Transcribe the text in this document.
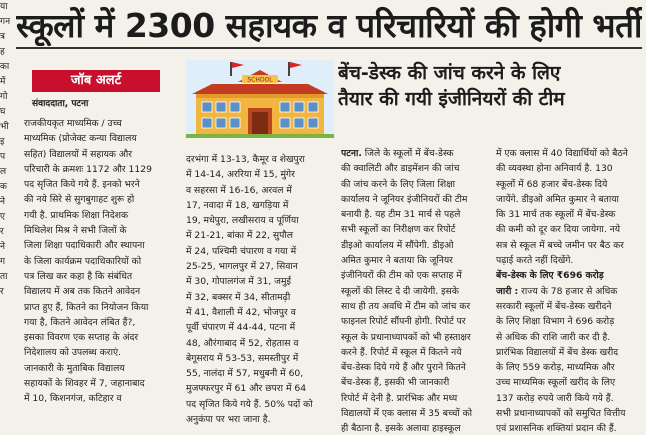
या
गन
त्र
ह
का
में
गो
घ
भी
इ
प
ल
क
ने
ए
र
ने
ग
ता
र
स्कूलों में 2300 सहायक व परिचारियों की होगी भर्ती
जॉब अलर्ट
संवाददाता, पटना
SCHOOL	बेंच-डेस्क की जांच करने के लिए
तैयार की गयी इंजीनियरों की टीम

राजकीयकृत माध्यमिक / उच्च

माध्यमिक (प्रोजेक्ट कन्या विद्यालय

सहित) विद्यालयों में सहायक और

परिचारी के क्रमशः 1172 और 1129

पद सृजित किये गये हैं. इनको भरने

की नये सिरे से सुगबुगाहट शुरू हो

गयी है. प्राथमिक शिक्षा निदेशक

मिथिलेश मिश्र ने सभी जिलों के

जिला शिक्षा पदाधिकारी और स्थापना

के जिला कार्यक्रम पदाधिकारियों को

पत्र लिख कर कहा है कि संबंधित

विद्यालय में अब तक कितने आवेदन

प्राप्त हुए हैं, कितने का नियोजन किया

गया है, कितने आवेदन लंबित हैं?,

इसका विवरण एक सप्ताह के अंदर

निदेशालय को उपलब्ध कराएं.

जानकारी के मुताबिक विद्यालय

सहायकों के शिवहर में 7, जहानाबाद

में 10, किशनगंज, कटिहार व

दरभंगा में 13-13, कैमूर व शेखपुरा

में 14-14, अररिया में 15, मुंगेर

व सहरसा में 16-16, अरवल में

17, नवादा में 18, खगड़िया में

19, मधेपुरा, लखीसराय व पूर्णिया

में 21-21, बांका में 22, सुपौल

में 24, पश्चिमी चंपारण व गया में

25-25, भागलपुर में 27, सिवान

में 30, गोपालगंज में 31, जमुई

में 32, बक्सर में 34, सीतामढ़ी

में 41, वैशाली में 42, भोजपुर व

पूर्वी चंपारण में 44-44, पटना में

48, औरंगाबाद में 52, रोहतास व

बेगूसराय में 53-53, समस्तीपुर में

55, नालंदा में 57, मधुबनी में 60,

मुजफ्फरपुर में 61 और छपरा में 64

पद सृजित किये गये हैं. 50% पदों को

अनुकंपा पर भरा जाना है.

पटना. जिले के स्कूलों में बेंच-डेस्क

की क्वालिटी और डाइमेंशन की जांच

की जांच करने के लिए जिला शिक्षा

कार्यालय ने जूनियर इंजीनियरों की टीम

बनायी है. यह टीम 31 मार्च से पहले

सभी स्कूलों का निरीक्षण कर रिपोर्ट

डीइओ कार्यालय में सौंपेगी. डीइओ

अमित कुमार ने बताया कि जूनियर

इंजीनियरों की टीम को एक सप्ताह में

स्कूलों की लिस्ट दे दी जायेगी. इसके

साथ ही तय अवधि में टीम को जांच कर

फाइनल रिपोर्ट सौंपनी होगी. रिपोर्ट पर

स्कूल के प्रधानाध्यापकों को भी हस्ताक्षर

करने हैं. रिपोर्ट में स्कूल में कितने नये

बेंच-डेस्क दिये गये हैं और पुराने कितने

बेंच-डेस्क हैं, इसकी भी जानकारी

रिपोर्ट में देनी है. प्रारंभिक और मध्य

विद्यालयों में एक क्लास में 35 बच्चों को

ही बैठाना है. इसके अलावा हाइस्कूल

में एक क्लास में 40 विद्यार्थियों को बैठने

की व्यवस्था होना अनिवार्य है. 130

स्कूलों में 68 हजार बेंच-डेस्क दिये

जायेंगे. डीइओ अमित कुमार ने बताया

कि 31 मार्च तक स्कूलों में बेंच-डेस्क

की कमी को दूर कर दिया जायेगा. नये

सत्र से स्कूल में बच्चे जमीन पर बैठ कर

पढ़ाई करते नहीं दिखेंगे.

बेंच-डेस्क के लिए ₹696 करोड़

जारी : राज्य के 78 हजार से अधिक

सरकारी स्कूलों में बेंच-डेस्क खरीदने

के लिए शिक्षा विभाग ने 696 करोड़

से अधिक की राशि जारी कर दी है.

प्रारंभिक विद्यालयों में बेंच डेस्क खरीद

के लिए 559 करोड़, माध्यमिक और

उच्च माध्यमिक स्कूलों खरीद के लिए

137 करोड़ रुपये जारी किये गये हैं.

सभी प्रधानाध्यापकों को समुचित वित्तीय

एवं प्रशासनिक शक्तियां प्रदान की हैं.
